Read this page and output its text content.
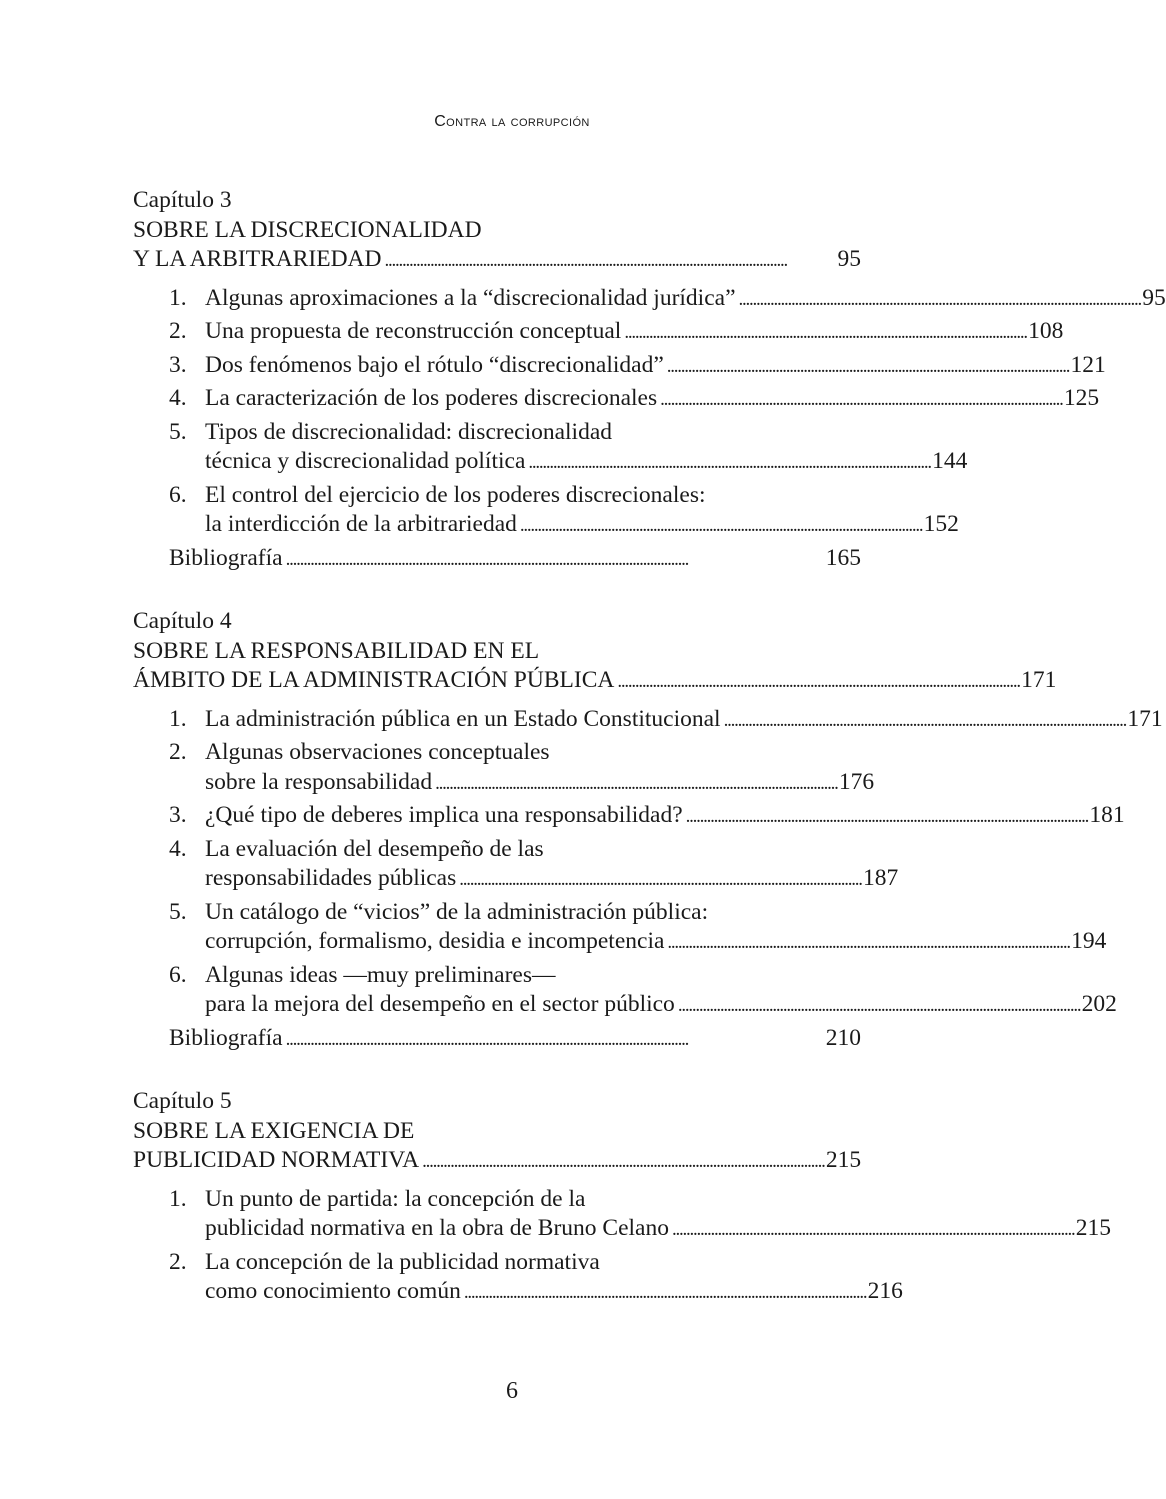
Contra la corrupción
Capítulo 3
SOBRE LA DISCRECIONALIDAD
Y LA ARBITRARIEDAD . . .	95
1. Algunas aproximaciones a la “discrecionalidad jurídica” . . .	95
2. Una propuesta de reconstrucción conceptual . . .	108
3. Dos fenómenos bajo el rótulo “discrecionalidad” . . .	121
4. La caracterización de los poderes discrecionales . . .	125
5. Tipos de discrecionalidad: discrecionalidad
técnica y discrecionalidad política . . .	144
6. El control del ejercicio de los poderes discrecionales:
la interdicción de la arbitrariedad . . .	152
Bibliografía . . .	165
Capítulo 4
SOBRE LA RESPONSABILIDAD EN EL
ÁMBITO DE LA ADMINISTRACIÓN PÚBLICA . . .	171
1. La administración pública en un Estado Constitucional . . .	171
2. Algunas observaciones conceptuales
sobre la responsabilidad . . .	176
3. ¿Qué tipo de deberes implica una responsabilidad? . . .	181
4. La evaluación del desempeño de las
responsabilidades públicas . . .	187
5. Un catálogo de “vicios” de la administración pública:
corrupción, formalismo, desidia e incompetencia . . .	194
6. Algunas ideas —muy preliminares—
para la mejora del desempeño en el sector público . . .	202
Bibliografía . . .	210
Capítulo 5
SOBRE LA EXIGENCIA DE
PUBLICIDAD NORMATIVA . . .	215
1. Un punto de partida: la concepción de la
publicidad normativa en la obra de Bruno Celano . . .	215
2. La concepción de la publicidad normativa
como conocimiento común . . .	216
6
